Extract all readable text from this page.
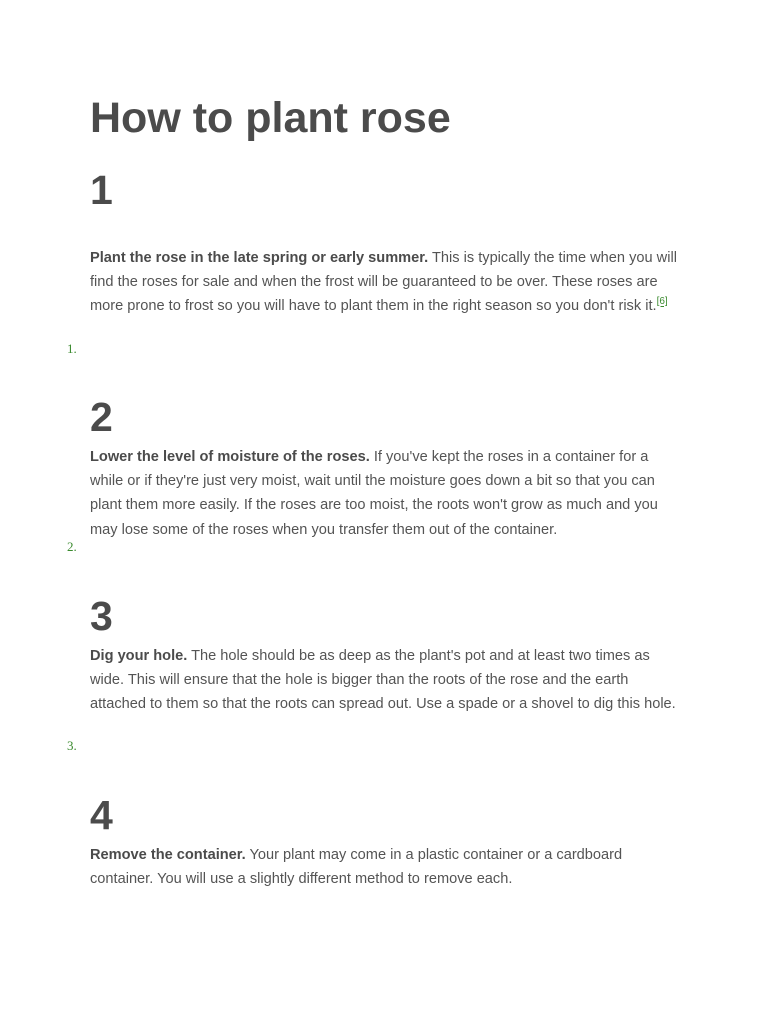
How to plant rose
1

Plant the rose in the late spring or early summer. This is typically the time when you will find the roses for sale and when the frost will be guaranteed to be over. These roses are more prone to frost so you will have to plant them in the right season so you don't risk it.[6]

1.
2

Lower the level of moisture of the roses. If you've kept the roses in a container for a while or if they're just very moist, wait until the moisture goes down a bit so that you can plant them more easily. If the roses are too moist, the roots won't grow as much and you may lose some of the roses when you transfer them out of the container.

2.
3

Dig your hole. The hole should be as deep as the plant's pot and at least two times as wide. This will ensure that the hole is bigger than the roots of the rose and the earth attached to them so that the roots can spread out. Use a spade or a shovel to dig this hole.

3.
4

Remove the container. Your plant may come in a plastic container or a cardboard container. You will use a slightly different method to remove each.
